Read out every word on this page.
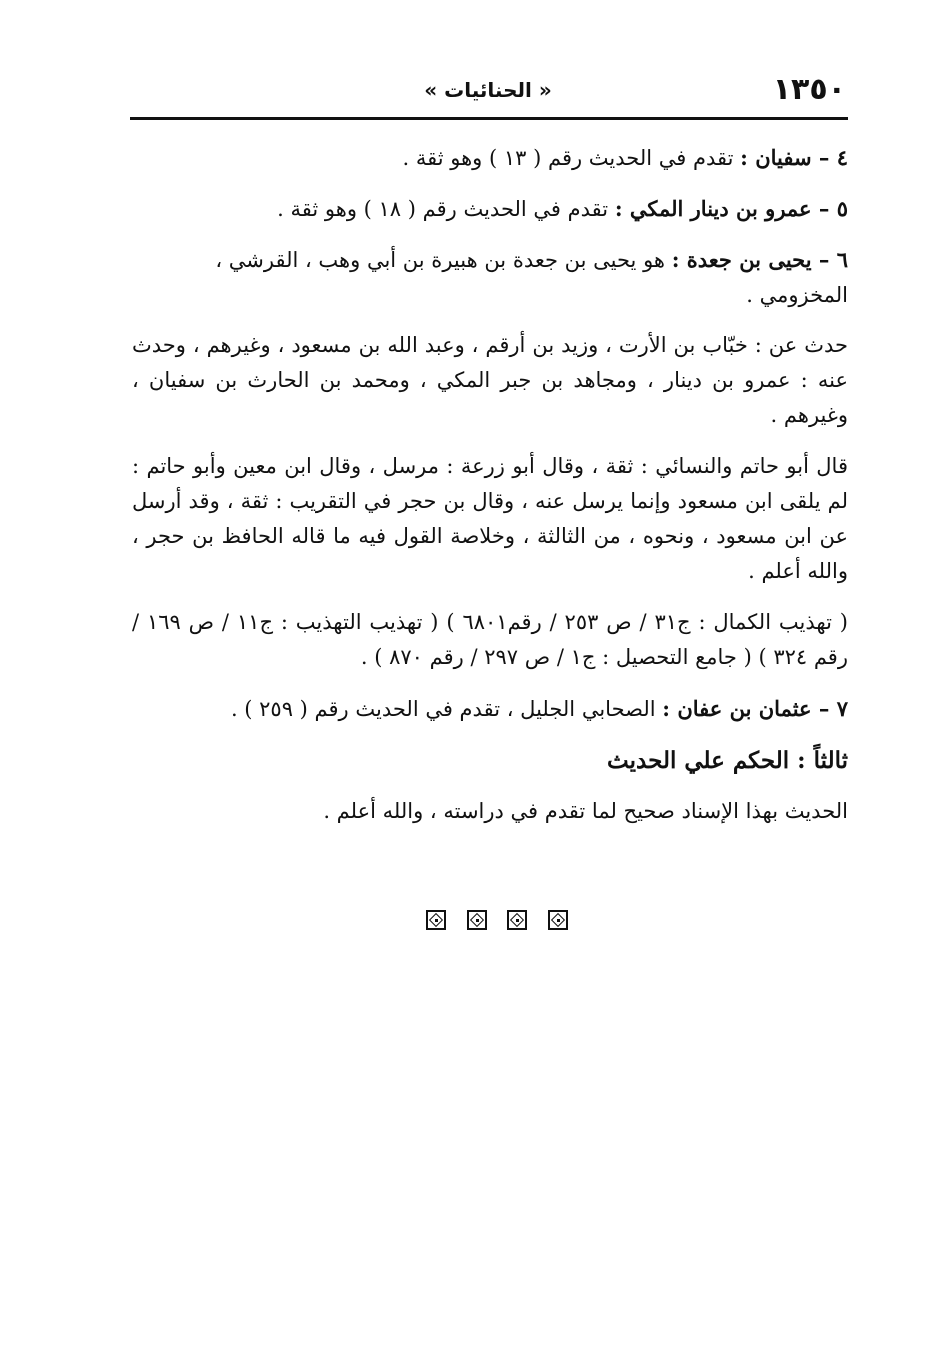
١٣٥٠
« الحنائيات »

٤ – سفيان : تقدم في الحديث رقم ( ١٣ ) وهو ثقة .

٥ – عمرو بن دينار المكي : تقدم في الحديث رقم ( ١٨ ) وهو ثقة .

٦ – يحيى بن جعدة : هو يحيى بن جعدة بن هبيرة بن أبي وهب ، القرشي ، المخزومي .

حدث عن : خبّاب بن الأرت ، وزيد بن أرقم ، وعبد الله بن مسعود ، وغيرهم ، وحدث عنه : عمرو بن دينار ، ومجاهد بن جبر المكي ، ومحمد بن الحارث بن سفيان ، وغيرهم .

قال أبو حاتم والنسائي : ثقة ، وقال أبو زرعة : مرسل ، وقال ابن معين وأبو حاتم : لم يلقى ابن مسعود وإنما يرسل عنه ، وقال بن حجر في التقريب : ثقة ، وقد أرسل عن ابن مسعود ، ونحوه ، من الثالثة ، وخلاصة القول فيه ما قاله الحافظ بن حجر ، والله أعلم .

( تهذيب الكمال : ج٣١ / ص ٢٥٣ / رقم٦٨٠١ ) ( تهذيب التهذيب : ج١١ / ص ١٦٩ / رقم ٣٢٤ ) ( جامع التحصيل : ج١ / ص ٢٩٧ / رقم ٨٧٠ ) .

٧ – عثمان بن عفان : الصحابي الجليل ، تقدم في الحديث رقم ( ٢٥٩ ) .

ثالثاً : الحكم علي الحديث

الحديث بهذا الإسناد صحيح لما تقدم في دراسته ، والله أعلم .
